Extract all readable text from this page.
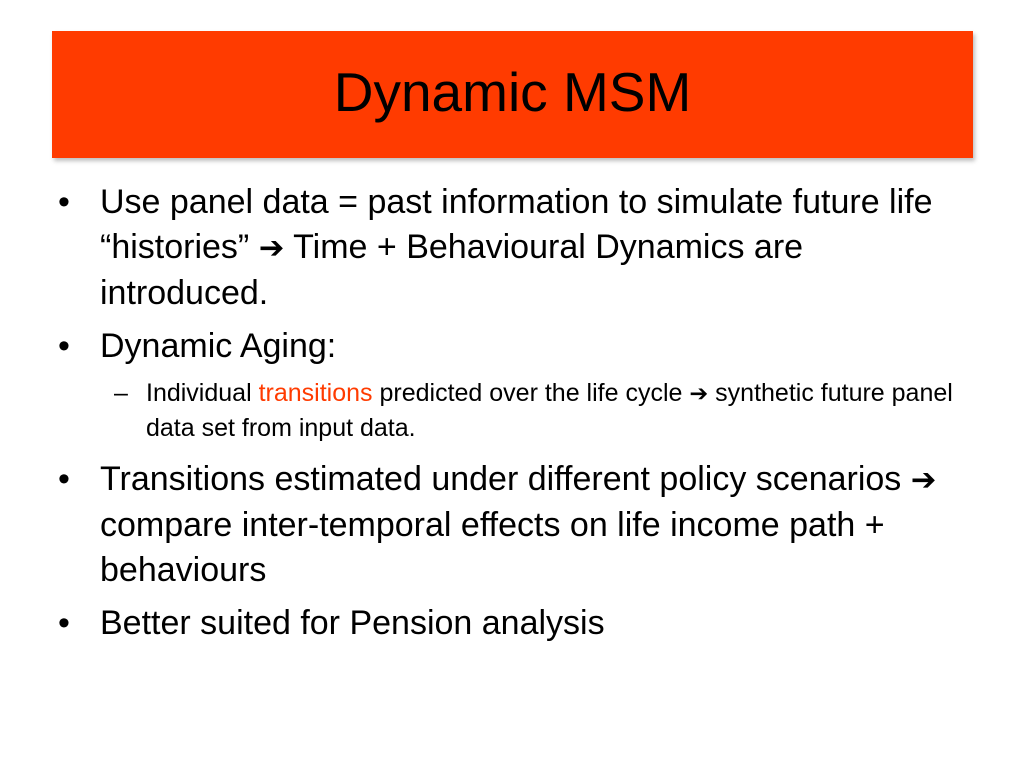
Dynamic MSM
• Use panel data = past information to simulate future life “histories” ➔ Time + Behavioural Dynamics are introduced.
• Dynamic Aging:
– Individual transitions predicted over the life cycle ➔ synthetic future panel data set from input data.
• Transitions estimated under different policy scenarios ➔ compare inter-temporal effects on life income path + behaviours
• Better suited for Pension analysis
